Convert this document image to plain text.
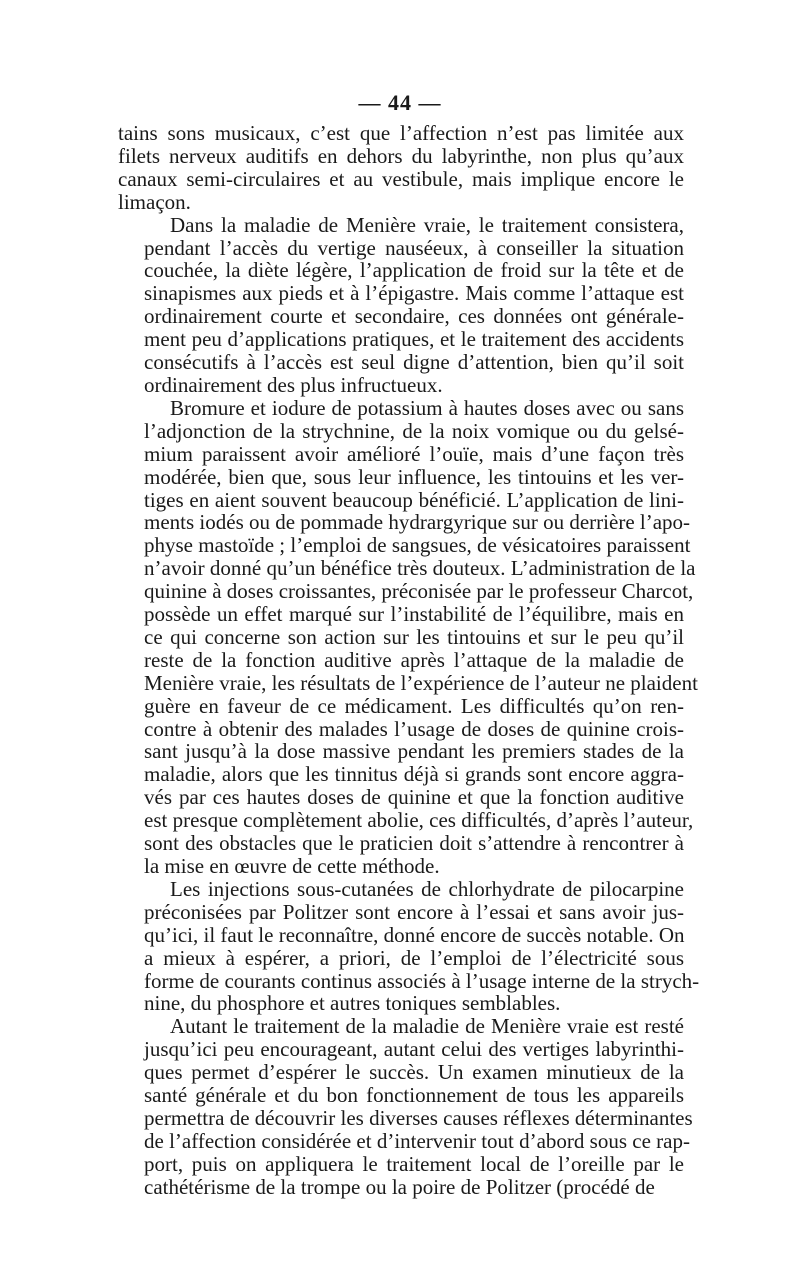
— 44 —
tains sons musicaux, c’est que l’affection n’est pas limitée aux
filets nerveux auditifs en dehors du labyrinthe, non plus qu’aux
canaux semi-circulaires et au vestibule, mais implique encore le
limaçon.
Dans la maladie de Menière vraie, le traitement consistera,
pendant l’accès du vertige nauséeux, à conseiller la situation
couchée, la diète légère, l’application de froid sur la tête et de
sinapismes aux pieds et à l’épigastre. Mais comme l’attaque est
ordinairement courte et secondaire, ces données ont générale-
ment peu d’applications pratiques, et le traitement des accidents
consécutifs à l’accès est seul digne d’attention, bien qu’il soit
ordinairement des plus infructueux.
Bromure et iodure de potassium à hautes doses avec ou sans
l’adjonction de la strychnine, de la noix vomique ou du gelsé-
mium paraissent avoir amélioré l’ouïe, mais d’une façon très
modérée, bien que, sous leur influence, les tintouins et les ver-
tiges en aient souvent beaucoup bénéficié. L’application de lini-
ments iodés ou de pommade hydrargyrique sur ou derrière l’apo-
physe mastoïde ; l’emploi de sangsues, de vésicatoires paraissent
n’avoir donné qu’un bénéfice très douteux. L’administration de la
quinine à doses croissantes, préconisée par le professeur Charcot,
possède un effet marqué sur l’instabilité de l’équilibre, mais en
ce qui concerne son action sur les tintouins et sur le peu qu’il
reste de la fonction auditive après l’attaque de la maladie de
Menière vraie, les résultats de l’expérience de l’auteur ne plaident
guère en faveur de ce médicament. Les difficultés qu’on ren-
contre à obtenir des malades l’usage de doses de quinine crois-
sant jusqu’à la dose massive pendant les premiers stades de la
maladie, alors que les tinnitus déjà si grands sont encore aggra-
vés par ces hautes doses de quinine et que la fonction auditive
est presque complètement abolie, ces difficultés, d’après l’auteur,
sont des obstacles que le praticien doit s’attendre à rencontrer à
la mise en œuvre de cette méthode.
Les injections sous-cutanées de chlorhydrate de pilocarpine
préconisées par Politzer sont encore à l’essai et sans avoir jus-
qu’ici, il faut le reconnaître, donné encore de succès notable. On
a mieux à espérer, a priori, de l’emploi de l’électricité sous
forme de courants continus associés à l’usage interne de la strych-
nine, du phosphore et autres toniques semblables.
Autant le traitement de la maladie de Menière vraie est resté
jusqu’ici peu encourageant, autant celui des vertiges labyrinthi-
ques permet d’espérer le succès. Un examen minutieux de la
santé générale et du bon fonctionnement de tous les appareils
permettra de découvrir les diverses causes réflexes déterminantes
de l’affection considérée et d’intervenir tout d’abord sous ce rap-
port, puis on appliquera le traitement local de l’oreille par le
cathétérisme de la trompe ou la poire de Politzer (procédé de
